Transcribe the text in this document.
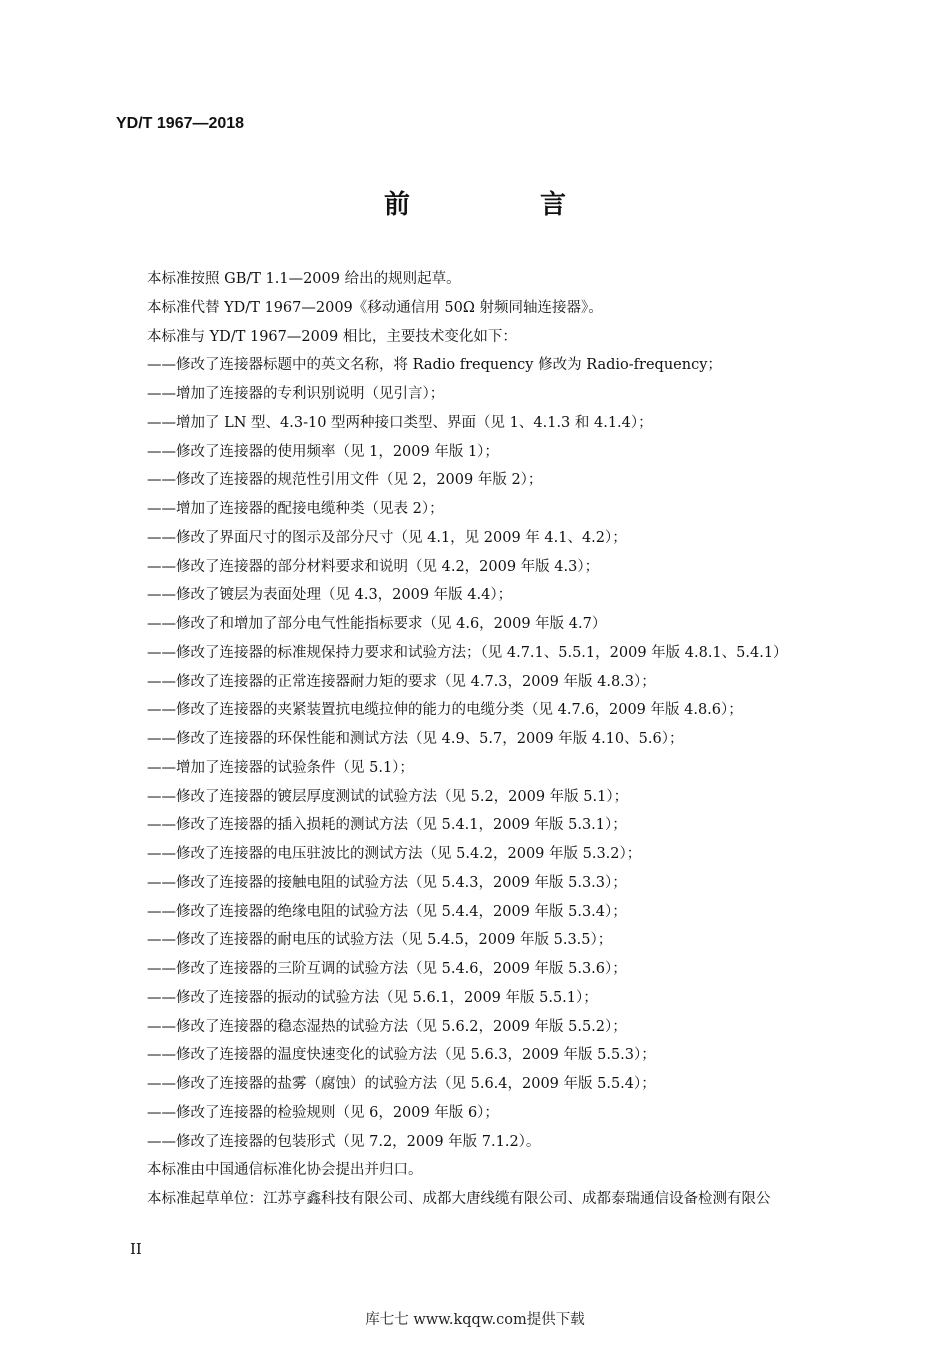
YD/T 1967—2018
前　言
本标准按照 GB/T 1.1—2009 给出的规则起草。
本标准代替 YD/T 1967—2009《移动通信用 50Ω 射频同轴连接器》。
本标准与 YD/T 1967—2009 相比，主要技术变化如下：
——修改了连接器标题中的英文名称，将 Radio frequency 修改为 Radio-frequency；
——增加了连接器的专利识别说明（见引言）；
——增加了 LN 型、4.3-10 型两种接口类型、界面（见 1、4.1.3 和 4.1.4）；
——修改了连接器的使用频率（见 1，2009 年版 1）；
——修改了连接器的规范性引用文件（见 2，2009 年版 2）；
——增加了连接器的配接电缆种类（见表 2）；
——修改了界面尺寸的图示及部分尺寸（见 4.1，见 2009 年 4.1、4.2）；
——修改了连接器的部分材料要求和说明（见 4.2，2009 年版 4.3）；
——修改了镀层为表面处理（见 4.3，2009 年版 4.4）；
——修改了和增加了部分电气性能指标要求（见 4.6，2009 年版 4.7）
——修改了连接器的标准规保持力要求和试验方法；（见 4.7.1、5.5.1，2009 年版 4.8.1、5.4.1）
——修改了连接器的正常连接器耐力矩的要求（见 4.7.3，2009 年版 4.8.3）；
——修改了连接器的夹紧装置抗电缆拉伸的能力的电缆分类（见 4.7.6，2009 年版 4.8.6）；
——修改了连接器的环保性能和测试方法（见 4.9、5.7，2009 年版 4.10、5.6）；
——增加了连接器的试验条件（见 5.1）；
——修改了连接器的镀层厚度测试的试验方法（见 5.2，2009 年版 5.1）；
——修改了连接器的插入损耗的测试方法（见 5.4.1，2009 年版 5.3.1）；
——修改了连接器的电压驻波比的测试方法（见 5.4.2，2009 年版 5.3.2）；
——修改了连接器的接触电阻的试验方法（见 5.4.3，2009 年版 5.3.3）；
——修改了连接器的绝缘电阻的试验方法（见 5.4.4，2009 年版 5.3.4）；
——修改了连接器的耐电压的试验方法（见 5.4.5，2009 年版 5.3.5）；
——修改了连接器的三阶互调的试验方法（见 5.4.6，2009 年版 5.3.6）；
——修改了连接器的振动的试验方法（见 5.6.1，2009 年版 5.5.1）；
——修改了连接器的稳态湿热的试验方法（见 5.6.2，2009 年版 5.5.2）；
——修改了连接器的温度快速变化的试验方法（见 5.6.3，2009 年版 5.5.3）；
——修改了连接器的盐雾（腐蚀）的试验方法（见 5.6.4，2009 年版 5.5.4）；
——修改了连接器的检验规则（见 6，2009 年版 6）；
——修改了连接器的包装形式（见 7.2，2009 年版 7.1.2）。
本标准由中国通信标准化协会提出并归口。
本标准起草单位：江苏亨鑫科技有限公司、成都大唐线缆有限公司、成都泰瑞通信设备检测有限公
II
库七七 www.kqqw.com提供下载
